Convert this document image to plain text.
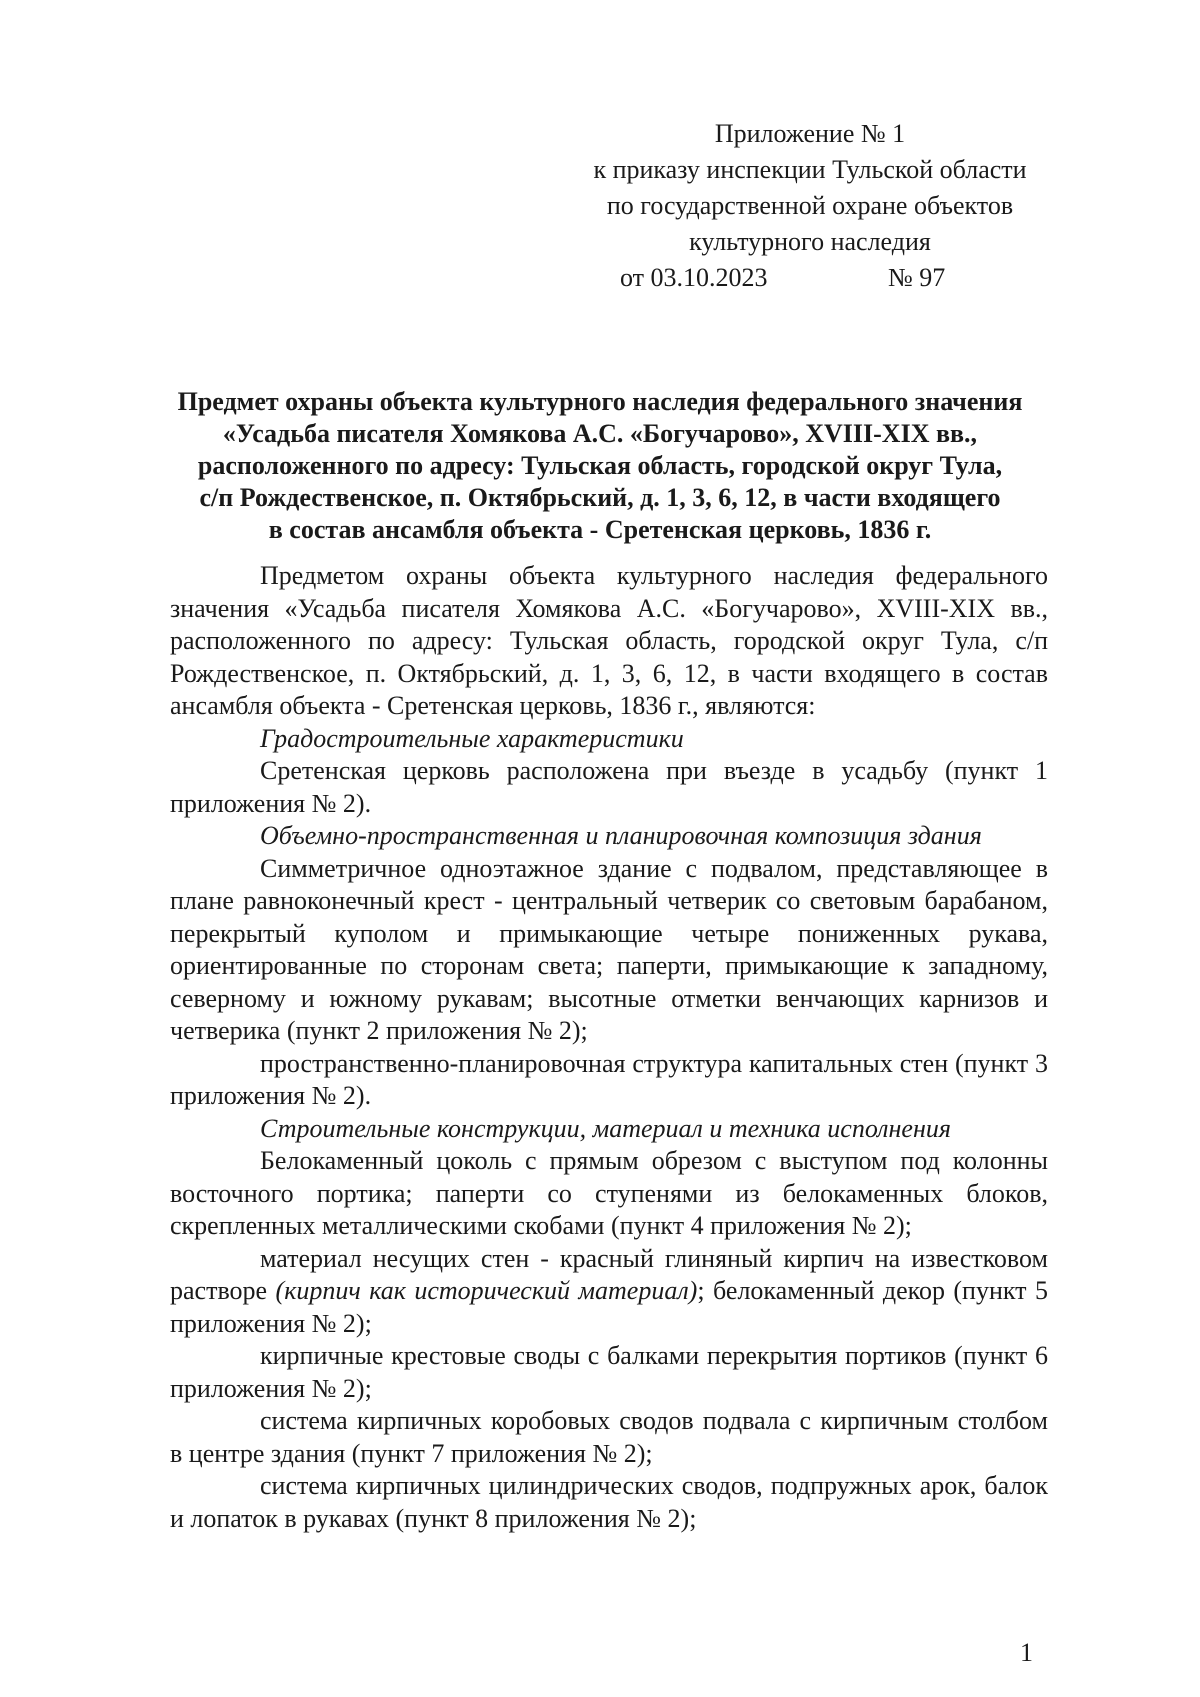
Приложение № 1
к приказу инспекции Тульской области
по государственной охране объектов
культурного наследия
от 03.10.2023	№ 97
Предмет охраны объекта культурного наследия федерального значения
«Усадьба писателя Хомякова А.С. «Богучарово», XVIII-XIX вв.,
расположенного по адресу: Тульская область, городской округ Тула,
с/п Рождественское, п. Октябрьский, д. 1, 3, 6, 12, в части входящего
в состав ансамбля объекта - Сретенская церковь, 1836 г.

Предметом охраны объекта культурного наследия федерального значения «Усадьба писателя Хомякова А.С. «Богучарово», XVIII-XIX вв., расположенного по адресу: Тульская область, городской округ Тула, с/п Рождественское, п. Октябрьский, д. 1, 3, 6, 12, в части входящего в состав ансамбля объекта - Сретенская церковь, 1836 г., являются:

Градостроительные характеристики

Сретенская церковь расположена при въезде в усадьбу (пункт 1 приложения № 2).

Объемно-пространственная и планировочная композиция здания

Симметричное одноэтажное здание с подвалом, представляющее в плане равноконечный крест - центральный четверик со световым барабаном, перекрытый куполом и примыкающие четыре пониженных рукава, ориентированные по сторонам света; паперти, примыкающие к западному, северному и южному рукавам; высотные отметки венчающих карнизов и четверика (пункт 2 приложения № 2);

пространственно-планировочная структура капитальных стен (пункт 3 приложения № 2).

Строительные конструкции, материал и техника исполнения

Белокаменный цоколь с прямым обрезом с выступом под колонны восточного портика; паперти со ступенями из белокаменных блоков, скрепленных металлическими скобами (пункт 4 приложения № 2);

материал несущих стен - красный глиняный кирпич на известковом растворе (кирпич как исторический материал); белокаменный декор (пункт 5 приложения № 2);

кирпичные крестовые своды с балками перекрытия портиков (пункт 6 приложения № 2);

система кирпичных коробовых сводов подвала с кирпичным столбом в центре здания (пункт 7 приложения № 2);

система кирпичных цилиндрических сводов, подпружных арок, балок и лопаток в рукавах (пункт 8 приложения № 2);

1
